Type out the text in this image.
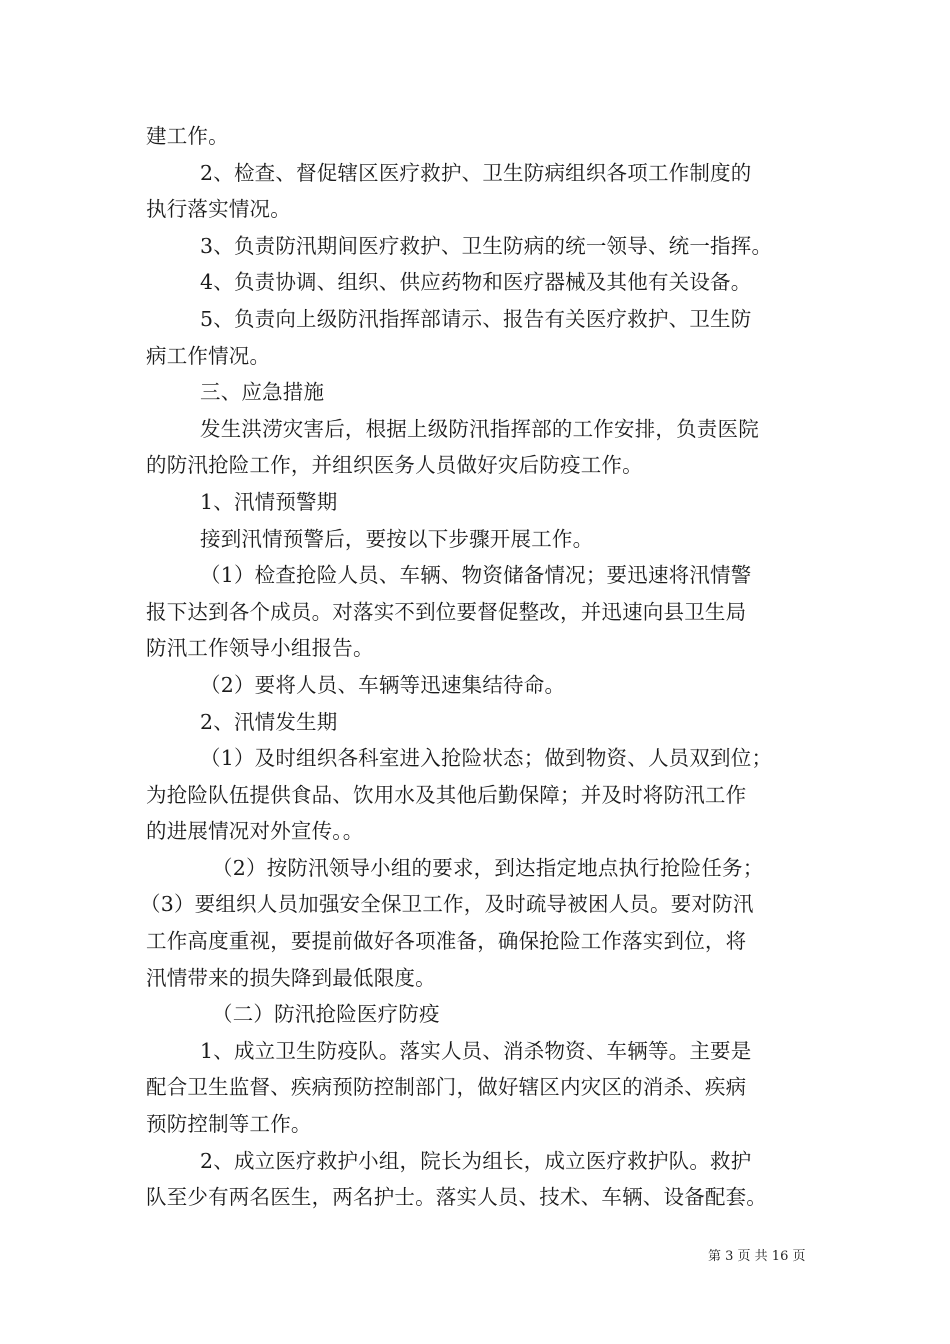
建工作。
2、检查、督促辖区医疗救护、卫生防病组织各项工作制度的
执行落实情况。
3、负责防汛期间医疗救护、卫生防病的统一领导、统一指挥。
4、负责协调、组织、供应药物和医疗器械及其他有关设备。
5、负责向上级防汛指挥部请示、报告有关医疗救护、卫生防
病工作情况。
三、应急措施
发生洪涝灾害后，根据上级防汛指挥部的工作安排，负责医院
的防汛抢险工作，并组织医务人员做好灾后防疫工作。
1、汛情预警期
接到汛情预警后，要按以下步骤开展工作。
（1）检查抢险人员、车辆、物资储备情况；要迅速将汛情警
报下达到各个成员。对落实不到位要督促整改，并迅速向县卫生局
防汛工作领导小组报告。
（2）要将人员、车辆等迅速集结待命。
2、汛情发生期
（1）及时组织各科室进入抢险状态；做到物资、人员双到位；
为抢险队伍提供食品、饮用水及其他后勤保障；并及时将防汛工作
的进展情况对外宣传。。
（2）按防汛领导小组的要求，到达指定地点执行抢险任务；
（3）要组织人员加强安全保卫工作，及时疏导被困人员。要对防汛
工作高度重视，要提前做好各项准备，确保抢险工作落实到位，将
汛情带来的损失降到最低限度。
（二）防汛抢险医疗防疫
1、成立卫生防疫队。落实人员、消杀物资、车辆等。主要是
配合卫生监督、疾病预防控制部门，做好辖区内灾区的消杀、疾病
预防控制等工作。
2、成立医疗救护小组，院长为组长，成立医疗救护队。救护
队至少有两名医生，两名护士。落实人员、技术、车辆、设备配套。
第 3 页 共 16 页
